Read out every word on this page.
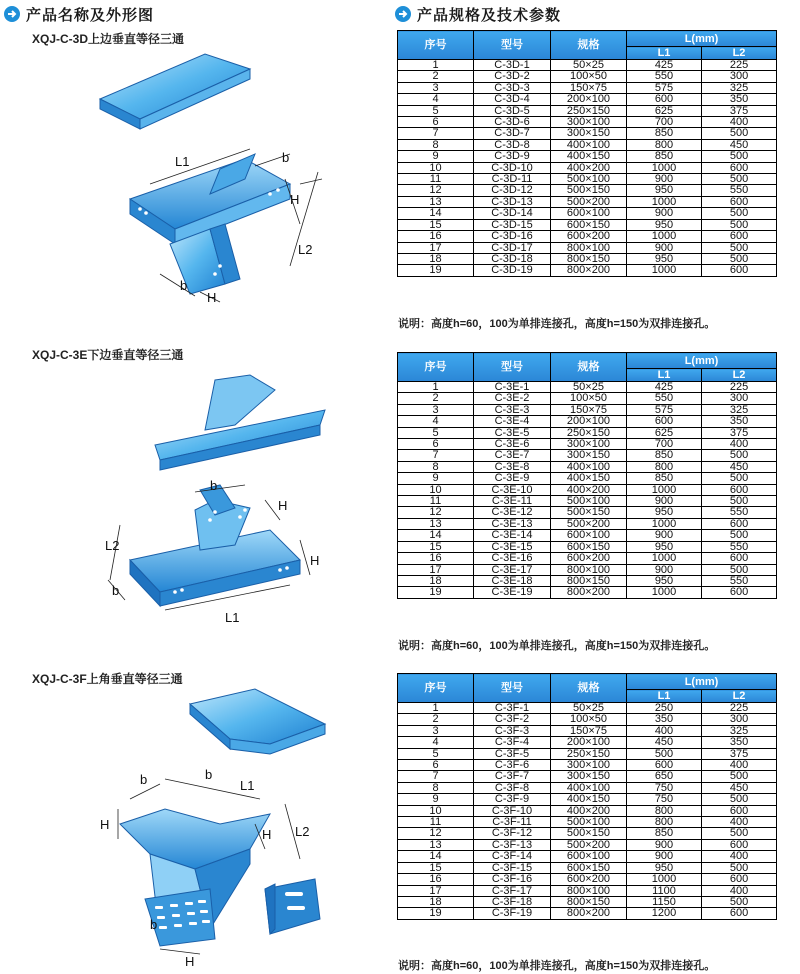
产品名称及外形图	产品规格及技术参数
XQJ-C-3D上边垂直等径三通
XQJ-C-3E下边垂直等径三通
XQJ-C-3F上角垂直等径三通
L1
H
b
L2
b
H
b
H
L2
b
L1
H
b	b
L1
H
H L2
b
H
序号	型号	规格	L(mm)	
			L1	L2
1	C-3D-1	50×25	425	225
2	C-3D-2	100×50	550	300
3	C-3D-3	150×75	575	325
4	C-3D-4	200×100	600	350
5	C-3D-5	250×150	625	375
6	C-3D-6	300×100	700	400
7	C-3D-7	300×150	850	500
8	C-3D-8	400×100	800	450
9	C-3D-9	400×150	850	500
10	C-3D-10	400×200	1000	600
11	C-3D-11	500×100	900	500
12	C-3D-12	500×150	950	550
13	C-3D-13	500×200	1000	600
14	C-3D-14	600×100	900	500
15	C-3D-15	600×150	950	500
16	C-3D-16	600×200	1000	600
17	C-3D-17	800×100	900	500
18	C-3D-18	800×150	950	500
19	C-3D-19	800×200	1000	600
说明：高度h=60，100为单排连接孔，高度h=150为双排连接孔。
序号	型号	规格	L(mm)	
			L1	L2
1	C-3E-1	50×25	425	225
2	C-3E-2	100×50	550	300
3	C-3E-3	150×75	575	325
4	C-3E-4	200×100	600	350
5	C-3E-5	250×150	625	375
6	C-3E-6	300×100	700	400
7	C-3E-7	300×150	850	500
8	C-3E-8	400×100	800	450
9	C-3E-9	400×150	850	500
10	C-3E-10	400×200	1000	600
11	C-3E-11	500×100	900	500
12	C-3E-12	500×150	950	550
13	C-3E-13	500×200	1000	600
14	C-3E-14	600×100	900	500
15	C-3E-15	600×150	950	550
16	C-3E-16	600×200	1000	600
17	C-3E-17	800×100	900	500
18	C-3E-18	800×150	950	550
19	C-3E-19	800×200	1000	600
说明：高度h=60，100为单排连接孔，高度h=150为双排连接孔。
序号	型号	规格	L(mm)	
			L1	L2
1	C-3F-1	50×25	250	225
2	C-3F-2	100×50	350	300
3	C-3F-3	150×75	400	325
4	C-3F-4	200×100	450	350
5	C-3F-5	250×150	500	375
6	C-3F-6	300×100	600	400
7	C-3F-7	300×150	650	500
8	C-3F-8	400×100	750	450
9	C-3F-9	400×150	750	500
10	C-3F-10	400×200	800	600
11	C-3F-11	500×100	800	400
12	C-3F-12	500×150	850	500
13	C-3F-13	500×200	900	600
14	C-3F-14	600×100	900	400
15	C-3F-15	600×150	950	500
16	C-3F-16	600×200	1000	600
17	C-3F-17	800×100	1100	400
18	C-3F-18	800×150	1150	500
19	C-3F-19	800×200	1200	600
说明：高度h=60，100为单排连接孔，高度h=150为双排连接孔。
